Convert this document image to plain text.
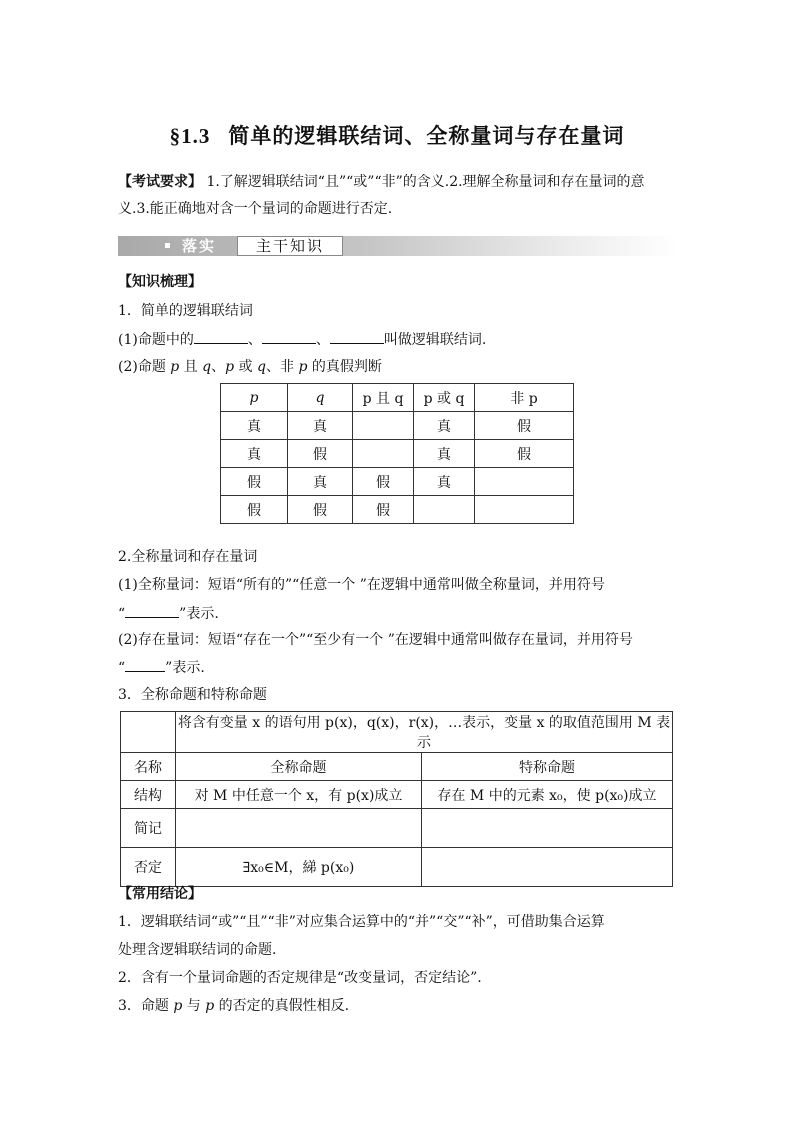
§1.3 简单的逻辑联结词、全称量词与存在量词
【考试要求】 1.了解逻辑联结词“且”“或”“非”的含义.2.理解全称量词和存在量词的意
义.3.能正确地对含一个量词的命题进行否定.
落实	主干知识
【知识梳理】
1．简单的逻辑联结词
(1)命题中的	、	、	叫做逻辑联结词.
(2)命题 p 且 q、p 或 q、非 p 的真假判断
p	q	p 且 q	p 或 q	非 p
真	真		真	假
真	假		真	假
假	真	假	真	
假	假	假		
2.全称量词和存在量词
(1)全称量词：短语“所有的”“任意一个 ”在逻辑中通常叫做全称量词，并用符号
“	”表示.
(2)存在量词：短语“存在一个”“至少有一个 ”在逻辑中通常叫做存在量词，并用符号
“	”表示.
3．全称命题和特称命题
	将含有变量 x 的语句用 p(x)，q(x)，r(x)，…表示，变量 x 的取值范围用 M 表示	
名称	全称命题	特称命题
结构	对 M 中任意一个 x，有 p(x)成立	存在 M 中的元素 x₀，使 p(x₀)成立
简记		
否定	∃x₀∈M，綈 p(x₀)	
【常用结论】
1．逻辑联结词“或”“且”“非”对应集合运算中的“并”“交”“补”，可借助集合运算
处理含逻辑联结词的命题.
2．含有一个量词命题的否定规律是“改变量词，否定结论”.
3．命题 p 与 p 的否定的真假性相反.
